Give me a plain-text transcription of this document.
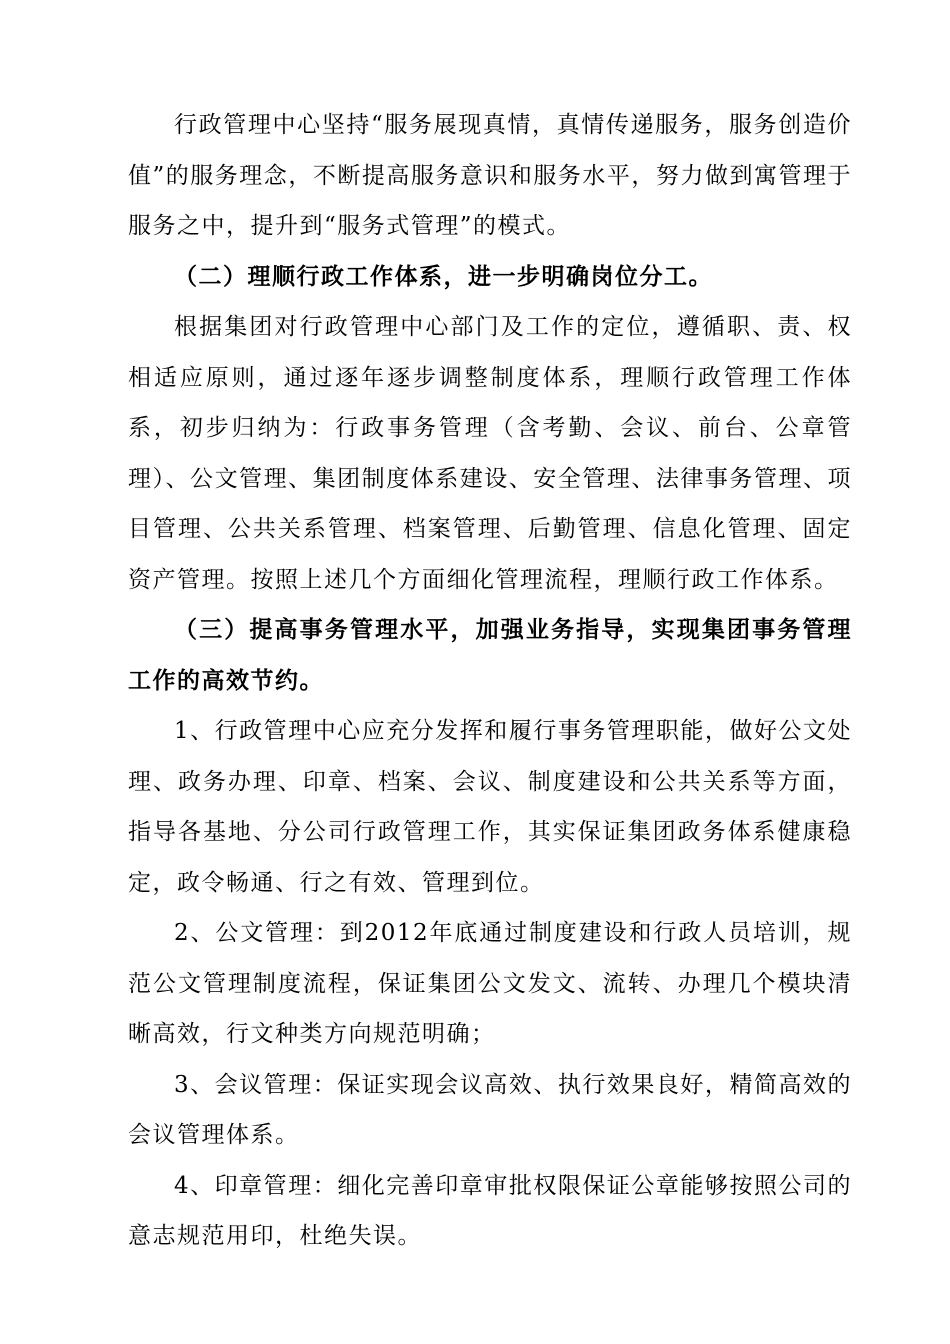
行政管理中心坚持“服务展现真情，真情传递服务，服务创造价值”的服务理念，不断提高服务意识和服务水平，努力做到寓管理于服务之中，提升到“服务式管理”的模式。

（二）理顺行政工作体系，进一步明确岗位分工。

根据集团对行政管理中心部门及工作的定位，遵循职、责、权相适应原则，通过逐年逐步调整制度体系，理顺行政管理工作体系，初步归纳为：行政事务管理（含考勤、会议、前台、公章管理）、公文管理、集团制度体系建设、安全管理、法律事务管理、项目管理、公共关系管理、档案管理、后勤管理、信息化管理、固定资产管理。按照上述几个方面细化管理流程，理顺行政工作体系。

（三）提高事务管理水平，加强业务指导，实现集团事务管理工作的高效节约。

1、行政管理中心应充分发挥和履行事务管理职能，做好公文处理、政务办理、印章、档案、会议、制度建设和公共关系等方面，指导各基地、分公司行政管理工作，其实保证集团政务体系健康稳定，政令畅通、行之有效、管理到位。

2、公文管理：到2012年底通过制度建设和行政人员培训，规范公文管理制度流程，保证集团公文发文、流转、办理几个模块清晰高效，行文种类方向规范明确；

3、会议管理：保证实现会议高效、执行效果良好，精简高效的会议管理体系。

4、印章管理：细化完善印章审批权限保证公章能够按照公司的意志规范用印，杜绝失误。
